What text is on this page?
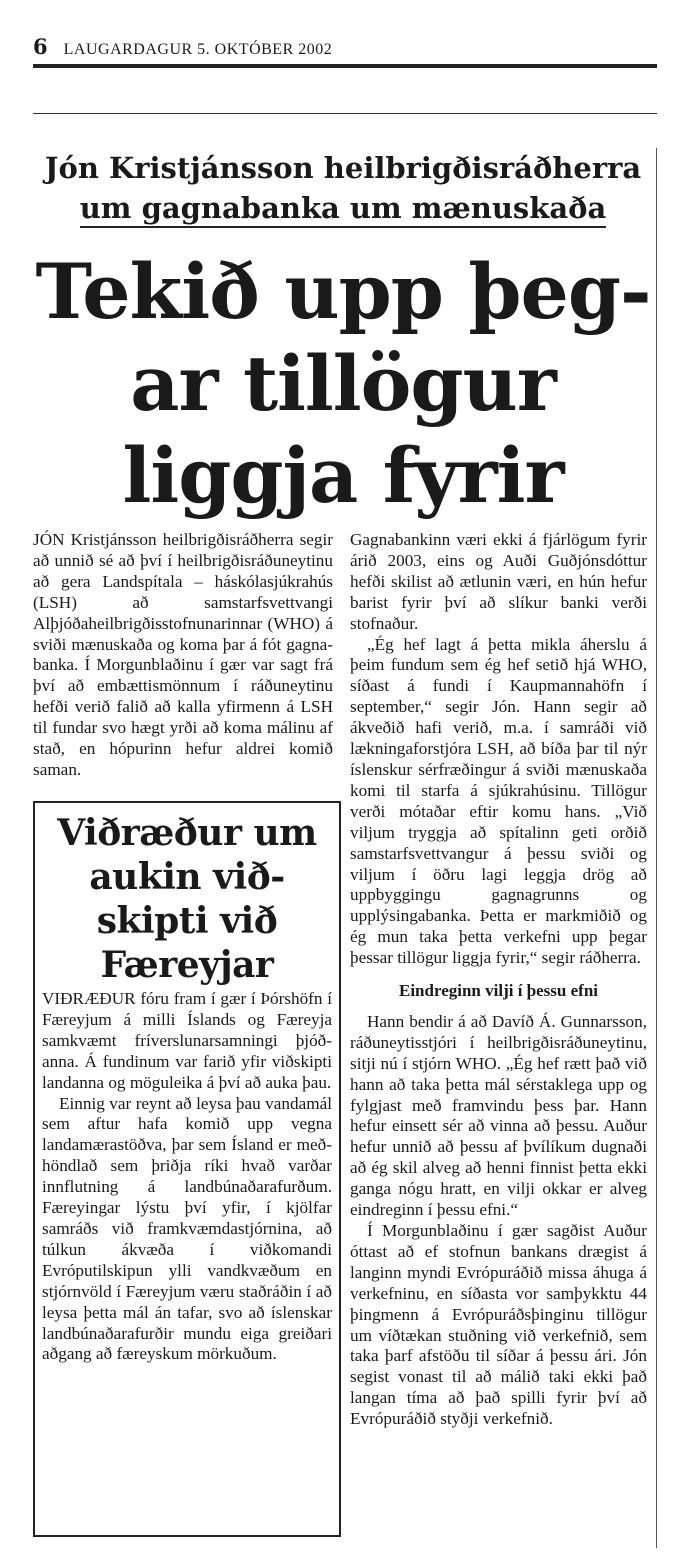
6 LAUGARDAGUR 5. OKTÓBER 2002
Jón Kristjánsson heilbrigðisráðherra
um gagnabanka um mænuskaða
Tekið upp þeg-
ar tillögur
liggja fyrir

JÓN Kristjánsson heilbrigðisráðherra segir að unnið sé að því í heilbrigðisráðuneytinu að gera Landspítala – háskólasjúkrahús (LSH) að samstarfsvettvangi Alþjóðaheilbrigðisstofnunarinnar (WHO) á sviði mænuskaða og koma þar á fót gagnabanka. Í Morgunblaðinu í gær var sagt frá því að embættismönnum í ráðuneytinu hefði verið falið að kalla yfirmenn á LSH til fundar svo hægt yrði að koma málinu af stað, en hópurinn hefur aldrei komið saman.

Viðræður um
aukin við-
skipti við
Færeyjar

VIÐRÆÐUR fóru fram í gær í Þórshöfn í Færeyjum á milli Íslands og Færeyja samkvæmt fríverslunarsamningi þjóðanna. Á fundinum var farið yfir viðskipti landanna og möguleika á því að auka þau.

Einnig var reynt að leysa þau vandamál sem aftur hafa komið upp vegna landamærastöðva, þar sem Ísland er meðhöndlað sem þriðja ríki hvað varðar innflutning á landbúnaðarafurðum. Færeyingar lýstu því yfir, í kjölfar samráðs við framkvæmdastjórnina, að túlkun ákvæða í viðkomandi Evróputilskipun ylli vandkvæðum en stjórnvöld í Færeyjum væru staðráðin í að leysa þetta mál án tafar, svo að íslenskar landbúnaðarafurðir mundu eiga greiðari aðgang að færeyskum mörkuðum.

Gagnabankinn væri ekki á fjárlögum fyrir árið 2003, eins og Auði Guðjónsdóttur hefði skilist að ætlunin væri, en hún hefur barist fyrir því að slíkur banki verði stofnaður.

„Ég hef lagt á þetta mikla áherslu á þeim fundum sem ég hef setið hjá WHO, síðast á fundi í Kaupmannahöfn í september,“ segir Jón. Hann segir að ákveðið hafi verið, m.a. í samráði við lækningaforstjóra LSH, að bíða þar til nýr íslenskur sérfræðingur á sviði mænuskaða komi til starfa á sjúkrahúsinu. Tillögur verði mótaðar eftir komu hans. „Við viljum tryggja að spítalinn geti orðið samstarfsvettvangur á þessu sviði og viljum í öðru lagi leggja drög að uppbyggingu gagnagrunns og upplýsingabanka. Þetta er markmiðið og ég mun taka þetta verkefni upp þegar þessar tillögur liggja fyrir,“ segir ráðherra.

Eindreginn vilji í þessu efni

Hann bendir á að Davíð Á. Gunnarsson, ráðuneytisstjóri í heilbrigðisráðuneytinu, sitji nú í stjórn WHO. „Ég hef rætt það við hann að taka þetta mál sérstaklega upp og fylgjast með framvindu þess þar. Hann hefur einsett sér að vinna að þessu. Auður hefur unnið að þessu af þvílíkum dugnaði að ég skil alveg að henni finnist þetta ekki ganga nógu hratt, en vilji okkar er alveg eindreginn í þessu efni.“

Í Morgunblaðinu í gær sagðist Auður óttast að ef stofnun bankans drægist á langinn myndi Evrópuráðið missa áhuga á verkefninu, en síðasta vor samþykktu 44 þingmenn á Evrópuráðsþinginu tillögur um víðtækan stuðning við verkefnið, sem taka þarf afstöðu til síðar á þessu ári. Jón segist vonast til að málið taki ekki það langan tíma að það spilli fyrir því að Evrópuráðið styðji verkefnið.
